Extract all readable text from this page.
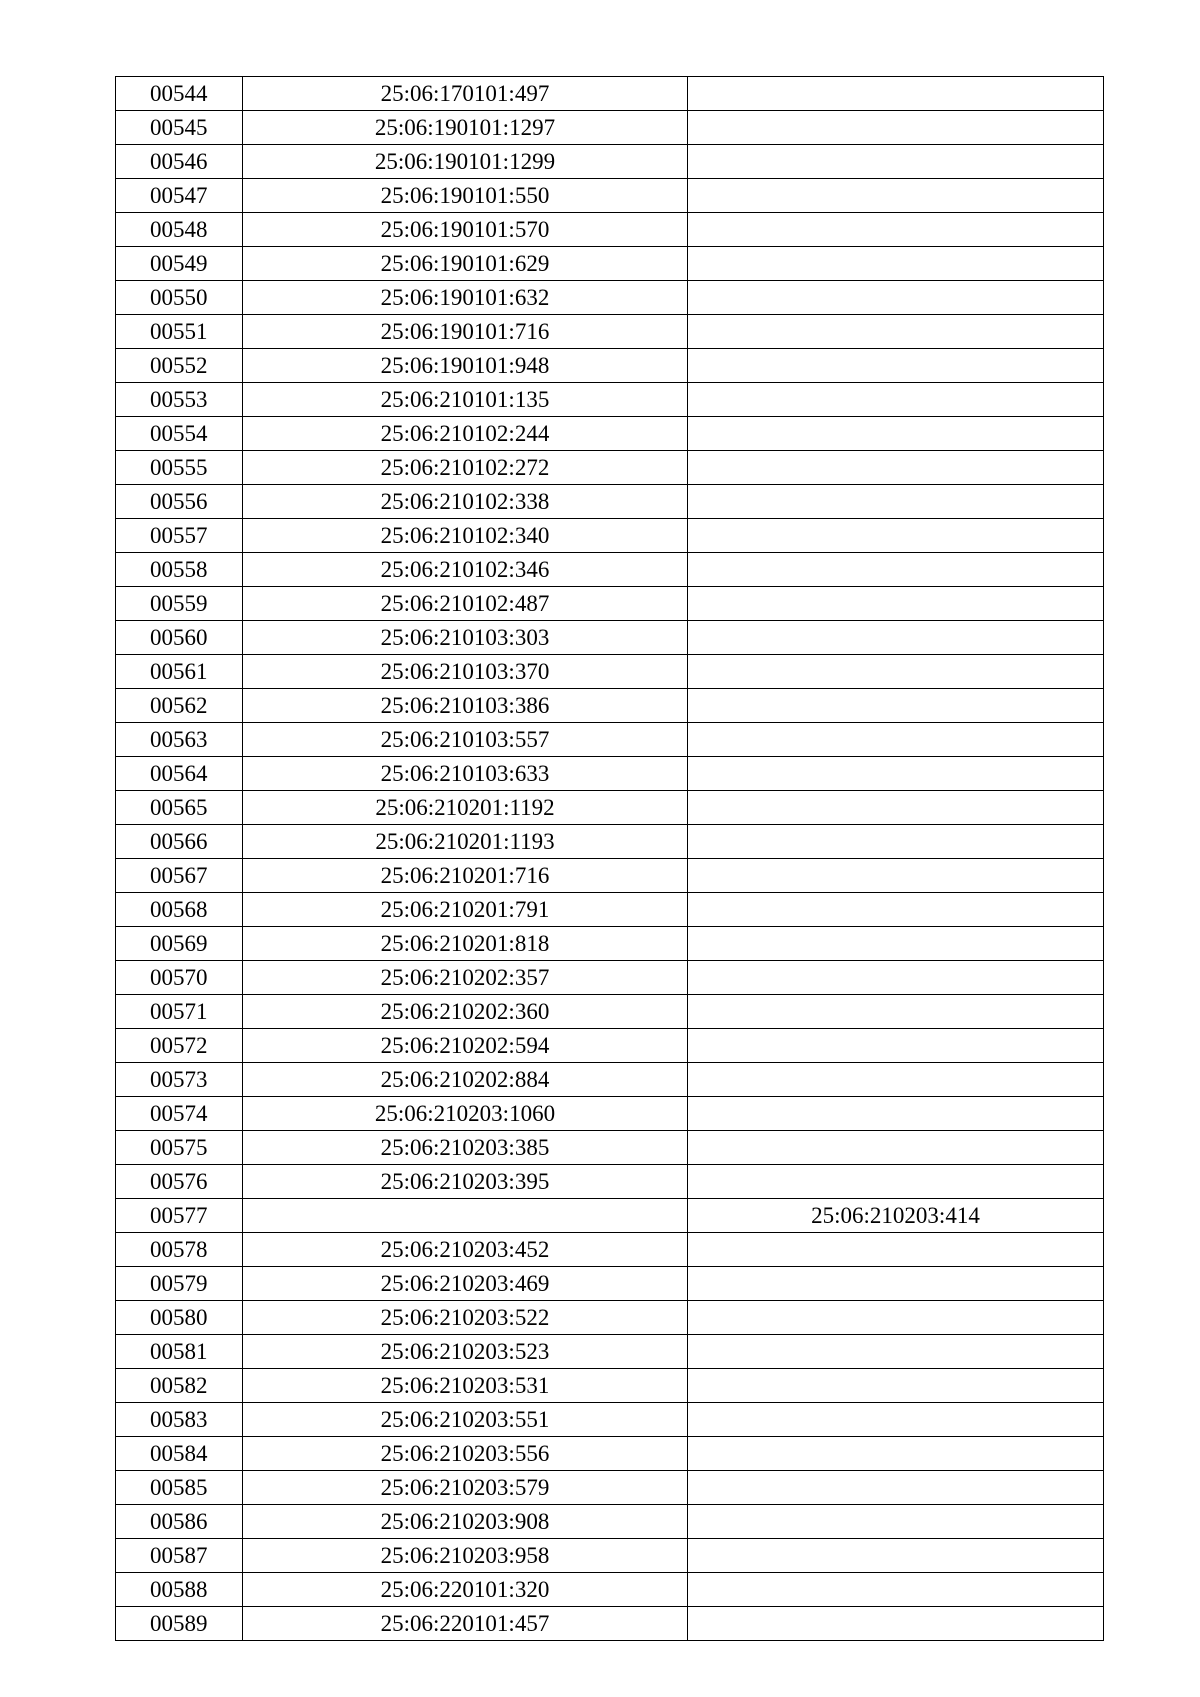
00544	25:06:170101:497	
00545	25:06:190101:1297	
00546	25:06:190101:1299	
00547	25:06:190101:550	
00548	25:06:190101:570	
00549	25:06:190101:629	
00550	25:06:190101:632	
00551	25:06:190101:716	
00552	25:06:190101:948	
00553	25:06:210101:135	
00554	25:06:210102:244	
00555	25:06:210102:272	
00556	25:06:210102:338	
00557	25:06:210102:340	
00558	25:06:210102:346	
00559	25:06:210102:487	
00560	25:06:210103:303	
00561	25:06:210103:370	
00562	25:06:210103:386	
00563	25:06:210103:557	
00564	25:06:210103:633	
00565	25:06:210201:1192	
00566	25:06:210201:1193	
00567	25:06:210201:716	
00568	25:06:210201:791	
00569	25:06:210201:818	
00570	25:06:210202:357	
00571	25:06:210202:360	
00572	25:06:210202:594	
00573	25:06:210202:884	
00574	25:06:210203:1060	
00575	25:06:210203:385	
00576	25:06:210203:395	
00577		25:06:210203:414
00578	25:06:210203:452	
00579	25:06:210203:469	
00580	25:06:210203:522	
00581	25:06:210203:523	
00582	25:06:210203:531	
00583	25:06:210203:551	
00584	25:06:210203:556	
00585	25:06:210203:579	
00586	25:06:210203:908	
00587	25:06:210203:958	
00588	25:06:220101:320	
00589	25:06:220101:457	
